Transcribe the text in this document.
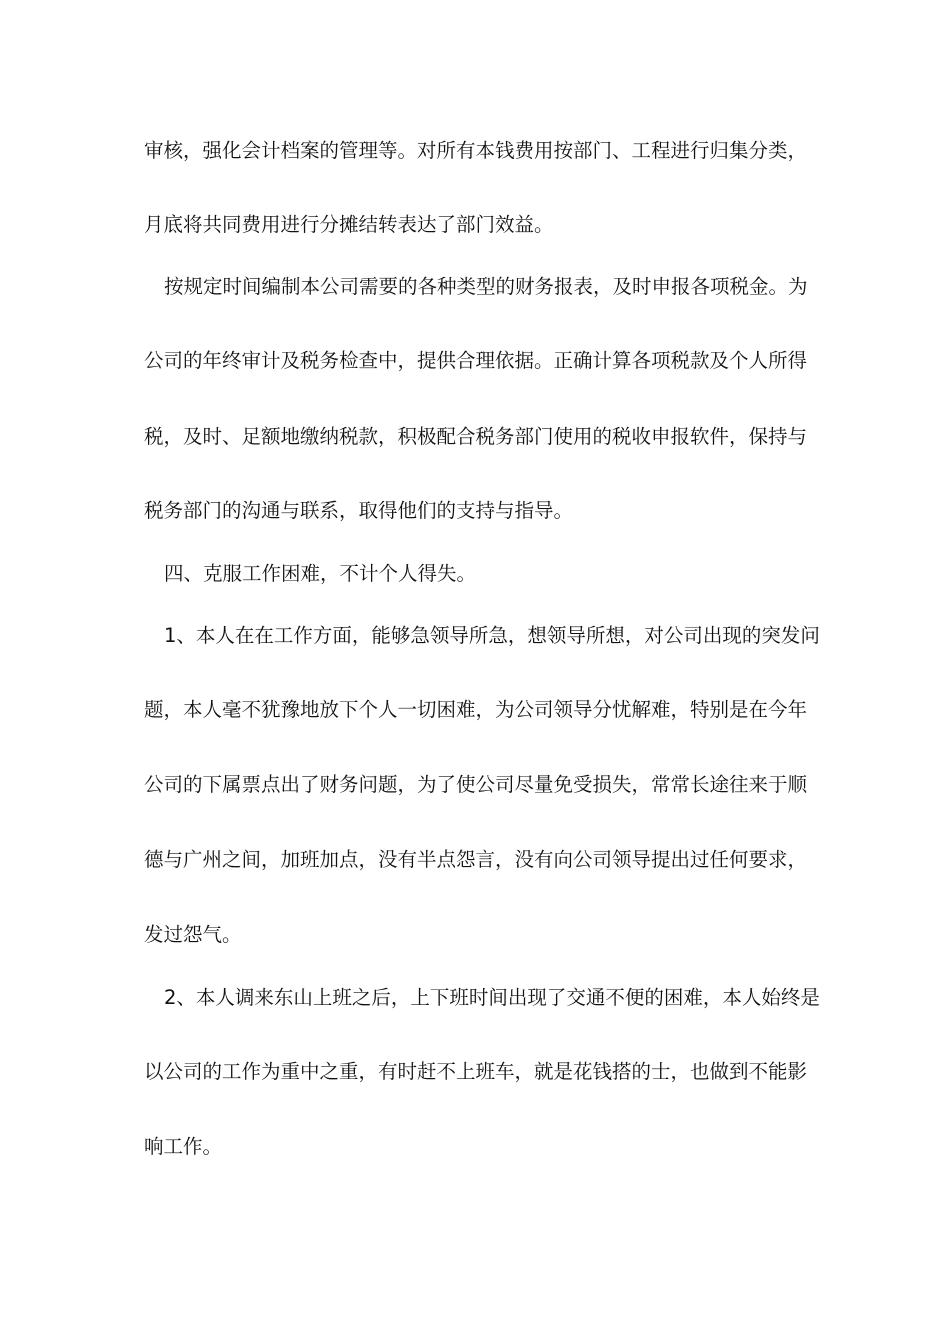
审核，强化会计档案的管理等。对所有本钱费用按部门、工程进行归集分类，
月底将共同费用进行分摊结转表达了部门效益。
按规定时间编制本公司需要的各种类型的财务报表，及时申报各项税金。为
公司的年终审计及税务检查中，提供合理依据。正确计算各项税款及个人所得
税，及时、足额地缴纳税款，积极配合税务部门使用的税收申报软件，保持与
税务部门的沟通与联系，取得他们的支持与指导。
四、克服工作困难，不计个人得失。
1、本人在在工作方面，能够急领导所急，想领导所想，对公司出现的突发问
题，本人毫不犹豫地放下个人一切困难，为公司领导分忧解难，特别是在今年
公司的下属票点出了财务问题，为了使公司尽量免受损失，常常长途往来于顺
德与广州之间，加班加点，没有半点怨言，没有向公司领导提出过任何要求，
发过怨气。
2、本人调来东山上班之后，上下班时间出现了交通不便的困难，本人始终是
以公司的工作为重中之重，有时赶不上班车，就是花钱搭的士，也做到不能影
响工作。
